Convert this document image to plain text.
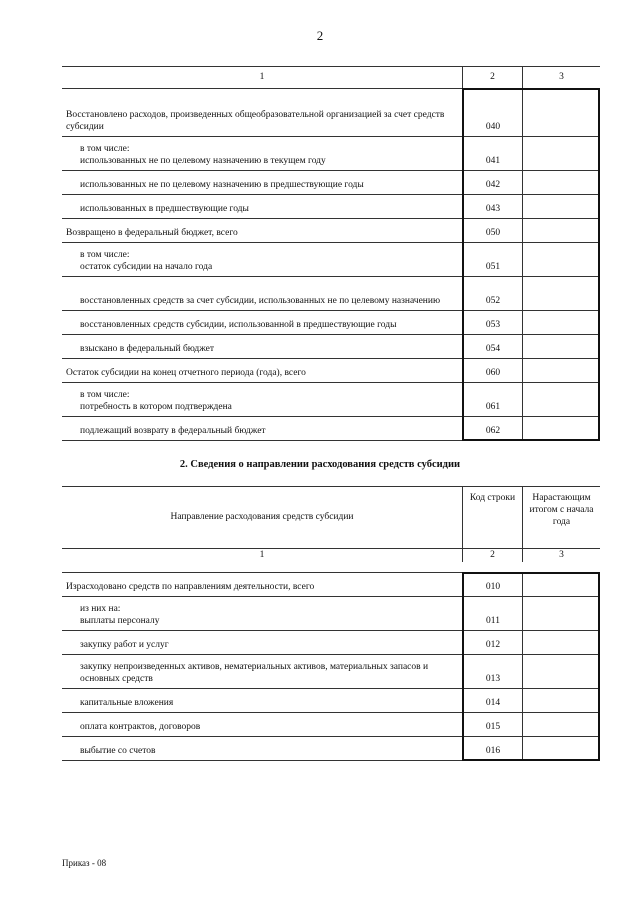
2
1	2	3
Восстановлено расходов, произведенных общеобразовательной организацией за счет средств субсидии	040
в том числе:
использованных не по целевому назначению в текущем году	041
использованных не по целевому назначению в предшествующие годы	042
использованных в предшествующие годы	043
Возвращено в федеральный бюджет, всего	050
в том числе:
остаток субсидии на начало года	051
восстановленных средств за счет субсидии, использованных не по целевому назначению	052
восстановленных средств субсидии, использованной в предшествующие годы	053
взыскано в федеральный бюджет	054
Остаток субсидии на конец отчетного периода (года), всего	060
в том числе:
потребность в котором подтверждена	061
подлежащий возврату в федеральный бюджет	062
2. Сведения о направлении расходования средств субсидии
Направление расходования средств субсидии
Код строки	Нарастающим итогом с начала года
1	2	3
Израсходовано средств по направлениям деятельности, всего	010
из них на:
выплаты персоналу	011
закупку работ и услуг	012
закупку непроизведенных активов, нематериальных активов, материальных запасов и основных средств	013
капитальные вложения	014
оплата контрактов, договоров	015
выбытие со счетов	016
Приказ - 08
